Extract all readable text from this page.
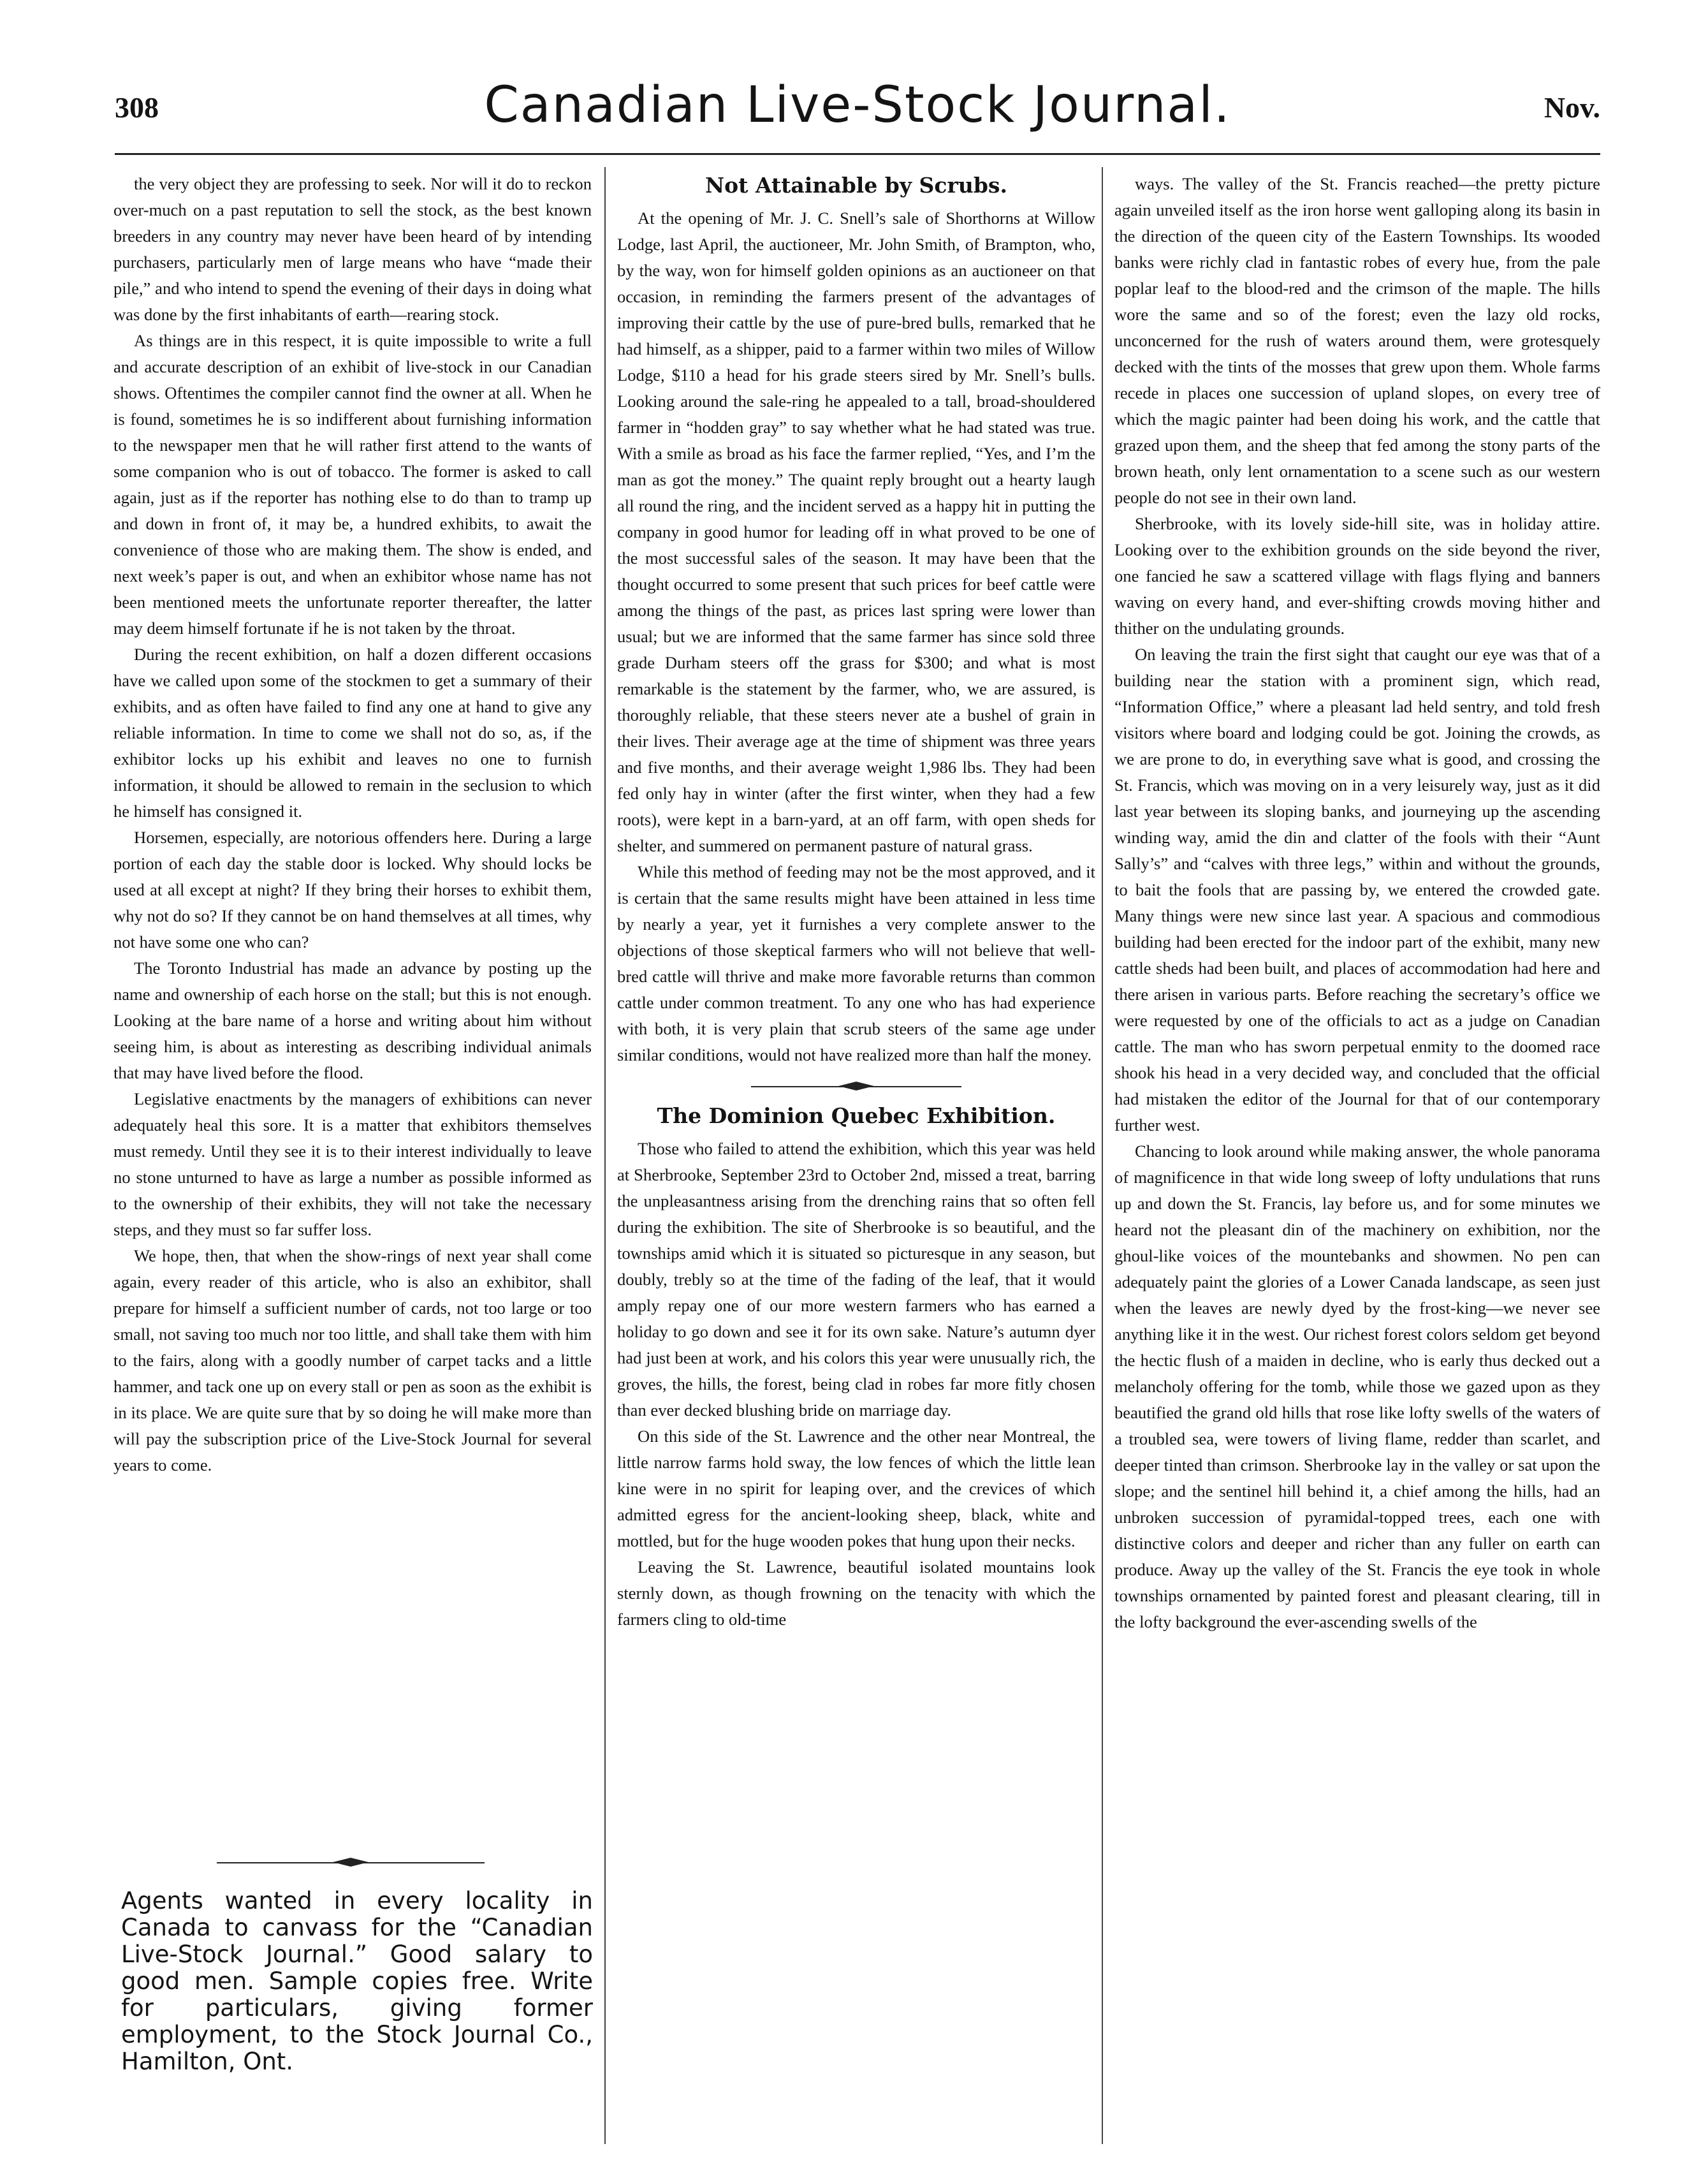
308	Canadian Live-Stock Journal.	Nov.

the very object they are professing to seek. Nor will it do to reckon over-much on a past reputation to sell the stock, as the best known breeders in any country may never have been heard of by intending purchasers, particularly men of large means who have “made their pile,” and who intend to spend the evening of their days in doing what was done by the first inhabitants of earth—rearing stock.

As things are in this respect, it is quite impossible to write a full and accurate description of an exhibit of live-stock in our Canadian shows. Oftentimes the compiler cannot find the owner at all. When he is found, sometimes he is so indifferent about furnishing information to the newspaper men that he will rather first attend to the wants of some companion who is out of tobacco. The former is asked to call again, just as if the reporter has nothing else to do than to tramp up and down in front of, it may be, a hundred exhibits, to await the convenience of those who are making them. The show is ended, and next week’s paper is out, and when an exhibitor whose name has not been mentioned meets the unfortunate reporter thereafter, the latter may deem himself fortunate if he is not taken by the throat.

During the recent exhibition, on half a dozen different occasions have we called upon some of the stockmen to get a summary of their exhibits, and as often have failed to find any one at hand to give any reliable information. In time to come we shall not do so, as, if the exhibitor locks up his exhibit and leaves no one to furnish information, it should be allowed to remain in the seclusion to which he himself has consigned it.

Horsemen, especially, are notorious offenders here. During a large portion of each day the stable door is locked. Why should locks be used at all except at night? If they bring their horses to exhibit them, why not do so? If they cannot be on hand themselves at all times, why not have some one who can?

The Toronto Industrial has made an advance by posting up the name and ownership of each horse on the stall; but this is not enough. Looking at the bare name of a horse and writing about him without seeing him, is about as interesting as describing individual animals that may have lived before the flood.

Legislative enactments by the managers of exhibitions can never adequately heal this sore. It is a matter that exhibitors themselves must remedy. Until they see it is to their interest individually to leave no stone unturned to have as large a number as possible informed as to the ownership of their exhibits, they will not take the necessary steps, and they must so far suffer loss.

We hope, then, that when the show-rings of next year shall come again, every reader of this article, who is also an exhibitor, shall prepare for himself a sufficient number of cards, not too large or too small, not saving too much nor too little, and shall take them with him to the fairs, along with a goodly number of carpet tacks and a little hammer, and tack one up on every stall or pen as soon as the exhibit is in its place. We are quite sure that by so doing he will make more than will pay the subscription price of the Live-Stock Journal for several years to come.

Agents wanted in every locality in Canada to canvass for the “Canadian Live-Stock Journal.” Good salary to good men. Sample copies free. Write for particulars, giving former employment, to the Stock Journal Co., Hamilton, Ont.
Not Attainable by Scrubs.

At the opening of Mr. J. C. Snell’s sale of Shorthorns at Willow Lodge, last April, the auctioneer, Mr. John Smith, of Brampton, who, by the way, won for himself golden opinions as an auctioneer on that occasion, in reminding the farmers present of the advantages of improving their cattle by the use of pure-bred bulls, remarked that he had himself, as a shipper, paid to a farmer within two miles of Willow Lodge, $110 a head for his grade steers sired by Mr. Snell’s bulls. Looking around the sale-ring he appealed to a tall, broad-shouldered farmer in “hodden gray” to say whether what he had stated was true. With a smile as broad as his face the farmer replied, “Yes, and I’m the man as got the money.” The quaint reply brought out a hearty laugh all round the ring, and the incident served as a happy hit in putting the company in good humor for leading off in what proved to be one of the most successful sales of the season. It may have been that the thought occurred to some present that such prices for beef cattle were among the things of the past, as prices last spring were lower than usual; but we are informed that the same farmer has since sold three grade Durham steers off the grass for $300; and what is most remarkable is the statement by the farmer, who, we are assured, is thoroughly reliable, that these steers never ate a bushel of grain in their lives. Their average age at the time of shipment was three years and five months, and their average weight 1,986 lbs. They had been fed only hay in winter (after the first winter, when they had a few roots), were kept in a barn-yard, at an off farm, with open sheds for shelter, and summered on permanent pasture of natural grass.

While this method of feeding may not be the most approved, and it is certain that the same results might have been attained in less time by nearly a year, yet it furnishes a very complete answer to the objections of those skeptical farmers who will not believe that well-bred cattle will thrive and make more favorable returns than common cattle under common treatment. To any one who has had experience with both, it is very plain that scrub steers of the same age under similar conditions, would not have realized more than half the money.

The Dominion Quebec Exhibition.

Those who failed to attend the exhibition, which this year was held at Sherbrooke, September 23rd to October 2nd, missed a treat, barring the unpleasantness arising from the drenching rains that so often fell during the exhibition. The site of Sherbrooke is so beautiful, and the townships amid which it is situated so picturesque in any season, but doubly, trebly so at the time of the fading of the leaf, that it would amply repay one of our more western farmers who has earned a holiday to go down and see it for its own sake. Nature’s autumn dyer had just been at work, and his colors this year were unusually rich, the groves, the hills, the forest, being clad in robes far more fitly chosen than ever decked blushing bride on marriage day.

On this side of the St. Lawrence and the other near Montreal, the little narrow farms hold sway, the low fences of which the little lean kine were in no spirit for leaping over, and the crevices of which admitted egress for the ancient-looking sheep, black, white and mottled, but for the huge wooden pokes that hung upon their necks.

Leaving the St. Lawrence, beautiful isolated mountains look sternly down, as though frowning on the tenacity with which the farmers cling to old-time

ways. The valley of the St. Francis reached—the pretty picture again unveiled itself as the iron horse went galloping along its basin in the direction of the queen city of the Eastern Townships. Its wooded banks were richly clad in fantastic robes of every hue, from the pale poplar leaf to the blood-red and the crimson of the maple. The hills wore the same and so of the forest; even the lazy old rocks, unconcerned for the rush of waters around them, were grotesquely decked with the tints of the mosses that grew upon them. Whole farms recede in places one succession of upland slopes, on every tree of which the magic painter had been doing his work, and the cattle that grazed upon them, and the sheep that fed among the stony parts of the brown heath, only lent ornamentation to a scene such as our western people do not see in their own land.

Sherbrooke, with its lovely side-hill site, was in holiday attire. Looking over to the exhibition grounds on the side beyond the river, one fancied he saw a scattered village with flags flying and banners waving on every hand, and ever-shifting crowds moving hither and thither on the undulating grounds.

On leaving the train the first sight that caught our eye was that of a building near the station with a prominent sign, which read, “Information Office,” where a pleasant lad held sentry, and told fresh visitors where board and lodging could be got. Joining the crowds, as we are prone to do, in everything save what is good, and crossing the St. Francis, which was moving on in a very leisurely way, just as it did last year between its sloping banks, and journeying up the ascending winding way, amid the din and clatter of the fools with their “Aunt Sally’s” and “calves with three legs,” within and without the grounds, to bait the fools that are passing by, we entered the crowded gate. Many things were new since last year. A spacious and commodious building had been erected for the indoor part of the exhibit, many new cattle sheds had been built, and places of accommodation had here and there arisen in various parts. Before reaching the secretary’s office we were requested by one of the officials to act as a judge on Canadian cattle. The man who has sworn perpetual enmity to the doomed race shook his head in a very decided way, and concluded that the official had mistaken the editor of the Journal for that of our contemporary further west.

Chancing to look around while making answer, the whole panorama of magnificence in that wide long sweep of lofty undulations that runs up and down the St. Francis, lay before us, and for some minutes we heard not the pleasant din of the machinery on exhibition, nor the ghoul-like voices of the mountebanks and showmen. No pen can adequately paint the glories of a Lower Canada landscape, as seen just when the leaves are newly dyed by the frost-king—we never see anything like it in the west. Our richest forest colors seldom get beyond the hectic flush of a maiden in decline, who is early thus decked out a melancholy offering for the tomb, while those we gazed upon as they beautified the grand old hills that rose like lofty swells of the waters of a troubled sea, were towers of living flame, redder than scarlet, and deeper tinted than crimson. Sherbrooke lay in the valley or sat upon the slope; and the sentinel hill behind it, a chief among the hills, had an unbroken succession of pyramidal-topped trees, each one with distinctive colors and deeper and richer than any fuller on earth can produce. Away up the valley of the St. Francis the eye took in whole townships ornamented by painted forest and pleasant clearing, till in the lofty background the ever-ascending swells of the
